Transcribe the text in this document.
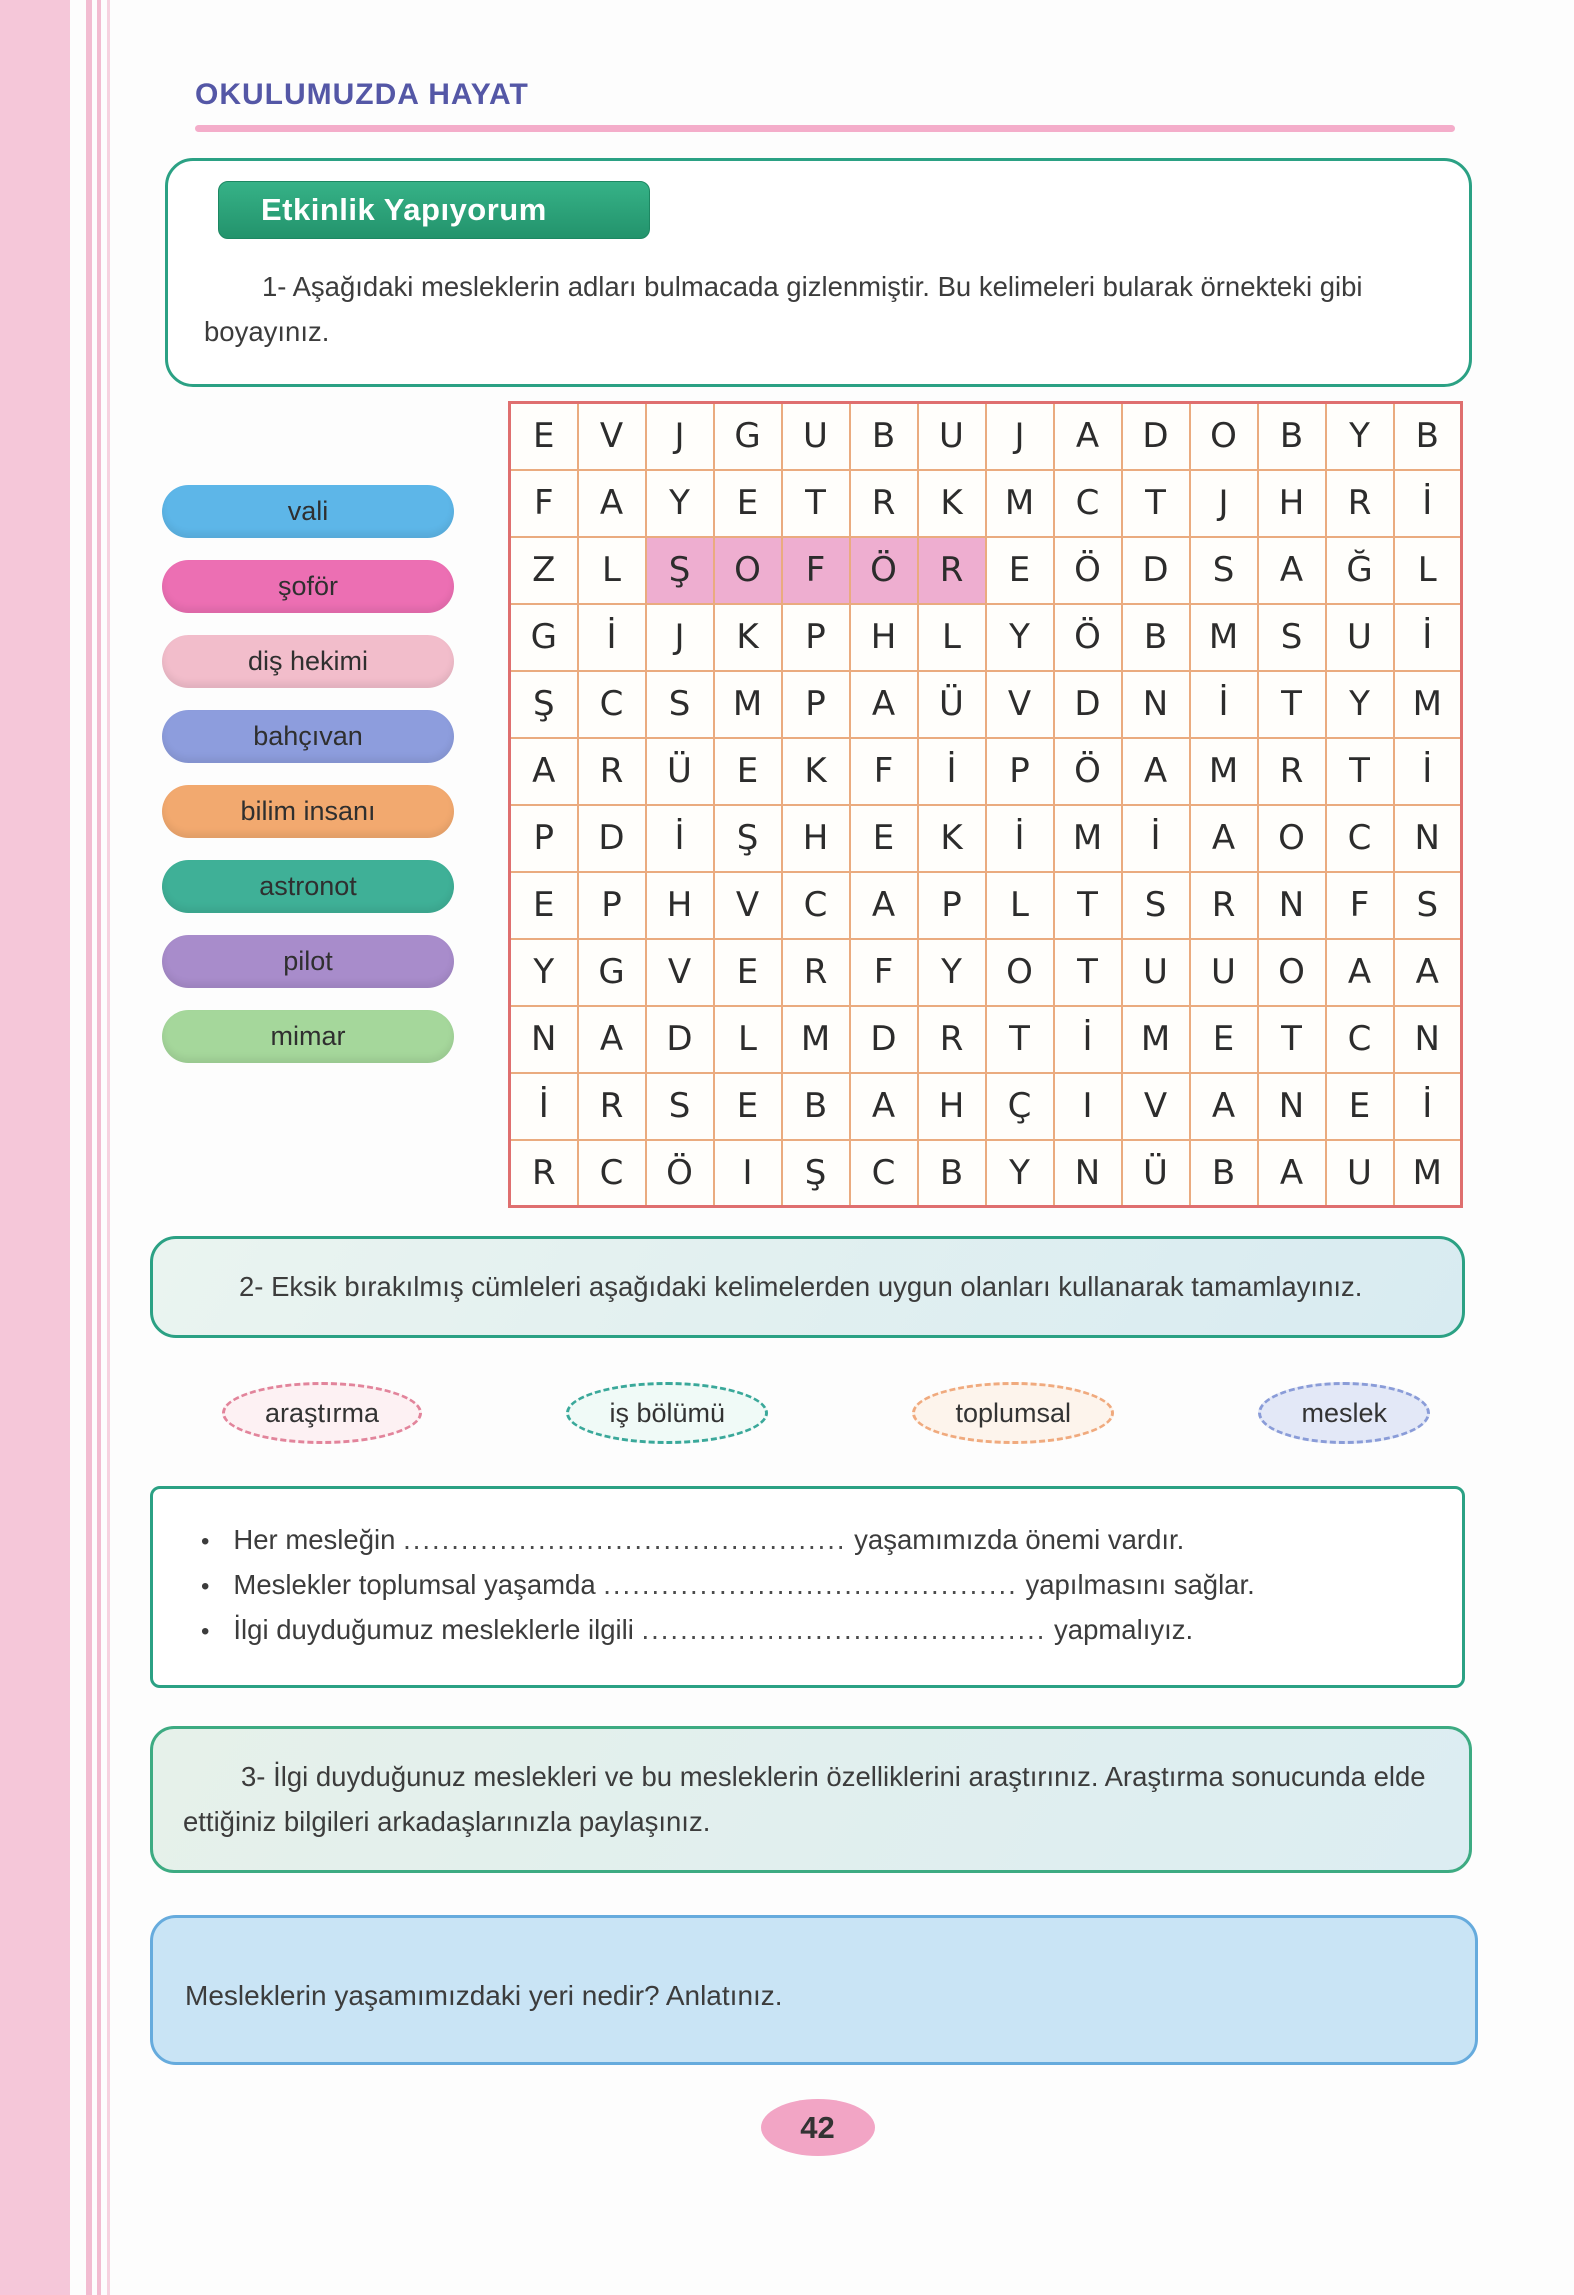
OKULUMUZDA HAYAT
Etkinlik Yapıyorum

1- Aşağıdaki mesleklerin adları bulmacada gizlenmiştir. Bu kelimeleri bularak örnekteki gibi boyayınız.

vali
şoför
diş hekimi
bahçıvan
bilim insanı
astronot
pilot
mimar
E	V	J	G	U	B	U	J	A	D	O	B	Y	B
F	A	Y	E	T	R	K	M	C	T	J	H	R	İ
Z	L	Ş	O	F	Ö	R	E	Ö	D	S	A	Ğ	L
G	İ	J	K	P	H	L	Y	Ö	B	M	S	U	İ
Ş	C	S	M	P	A	Ü	V	D	N	İ	T	Y	M
A	R	Ü	E	K	F	İ	P	Ö	A	M	R	T	İ
P	D	İ	Ş	H	E	K	İ	M	İ	A	O	C	N
E	P	H	V	C	A	P	L	T	S	R	N	F	S
Y	G	V	E	R	F	Y	O	T	U	U	O	A	A
N	A	D	L	M	D	R	T	İ	M	E	T	C	N
İ	R	S	E	B	A	H	Ç	I	V	A	N	E	İ
R	C	Ö	I	Ş	C	B	Y	N	Ü	B	A	U	M
2- Eksik bırakılmış cümleleri aşağıdaki kelimelerden uygun olanları kullanarak tamamlayınız.
araştırma	iş bölümü	toplumsal	meslek
• Her mesleğin .............................................. yaşamımızda önemi vardır.
• Meslekler toplumsal yaşamda ........................................... yapılmasını sağlar.
• İlgi duyduğumuz mesleklerle ilgili .......................................... yapmalıyız.
3- İlgi duyduğunuz meslekleri ve bu mesleklerin özelliklerini araştırınız. Araştırma sonucunda elde ettiğiniz bilgileri arkadaşlarınızla paylaşınız.
Mesleklerin yaşamımızdaki yeri nedir? Anlatınız.
42
